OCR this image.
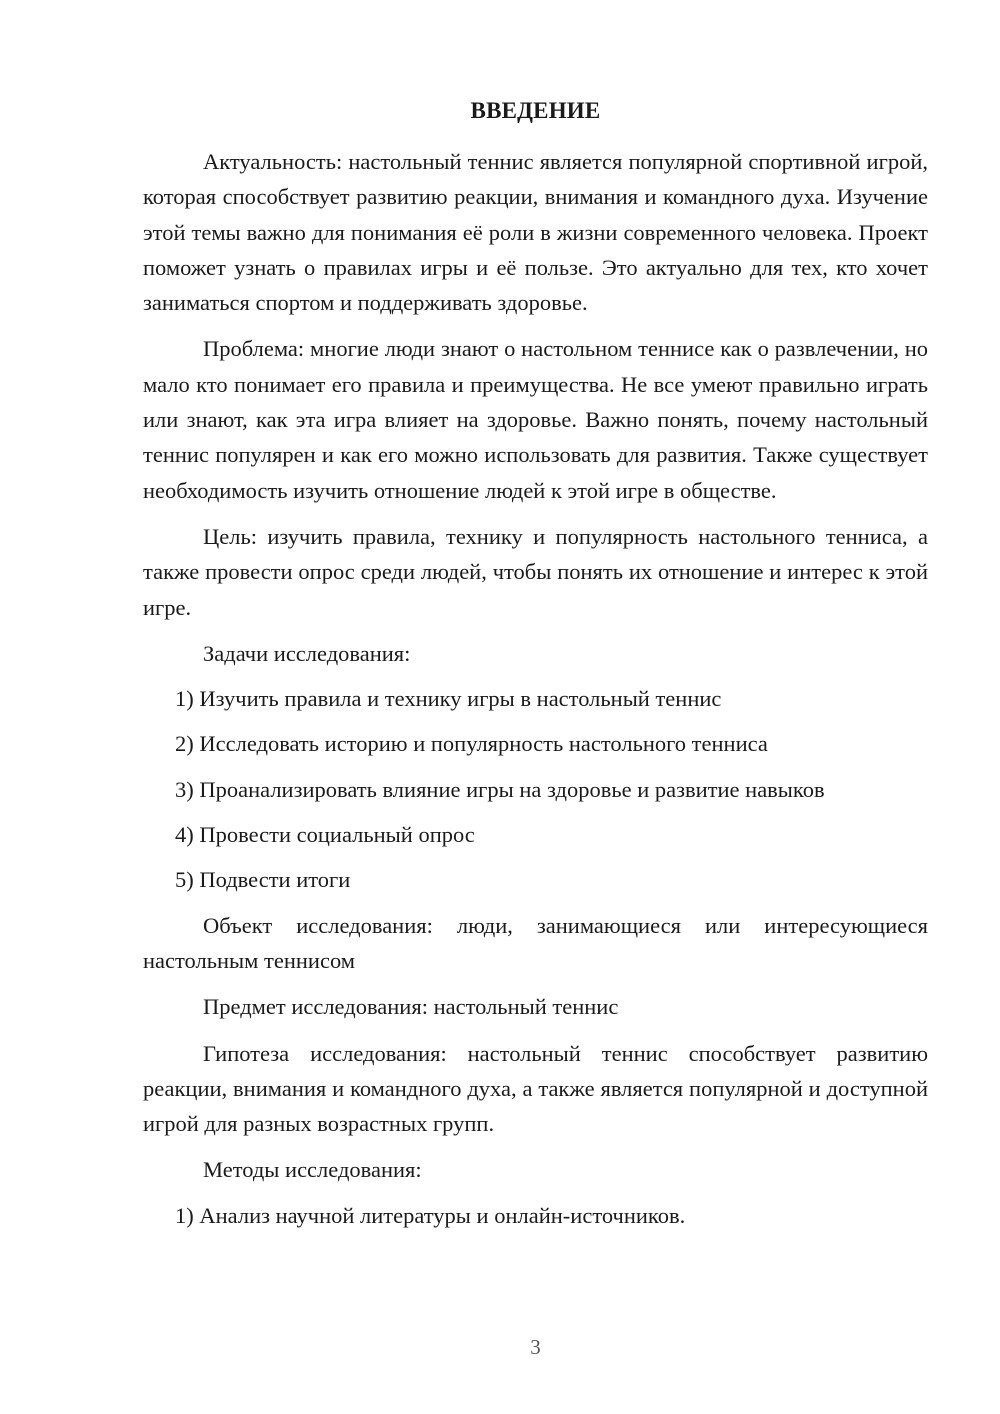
ВВЕДЕНИЕ

Актуальность: настольный теннис является популярной спортивной игрой, которая способствует развитию реакции, внимания и командного духа. Изучение этой темы важно для понимания её роли в жизни современного человека. Проект поможет узнать о правилах игры и её пользе. Это актуально для тех, кто хочет заниматься спортом и поддерживать здоровье.

Проблема: многие люди знают о настольном теннисе как о развлечении, но мало кто понимает его правила и преимущества. Не все умеют правильно играть или знают, как эта игра влияет на здоровье. Важно понять, почему настольный теннис популярен и как его можно использовать для развития. Также существует необходимость изучить отношение людей к этой игре в обществе.

Цель: изучить правила, технику и популярность настольного тенниса, а также провести опрос среди людей, чтобы понять их отношение и интерес к этой игре.

Задачи исследования:

1) Изучить правила и технику игры в настольный теннис
2) Исследовать историю и популярность настольного тенниса
3) Проанализировать влияние игры на здоровье и развитие навыков
4) Провести социальный опрос
5) Подвести итоги

Объект исследования: люди, занимающиеся или интересующиеся настольным теннисом

Предмет исследования: настольный теннис

Гипотеза исследования: настольный теннис способствует развитию реакции, внимания и командного духа, а также является популярной и доступной игрой для разных возрастных групп.

Методы исследования:

1) Анализ научной литературы и онлайн-источников.
3
